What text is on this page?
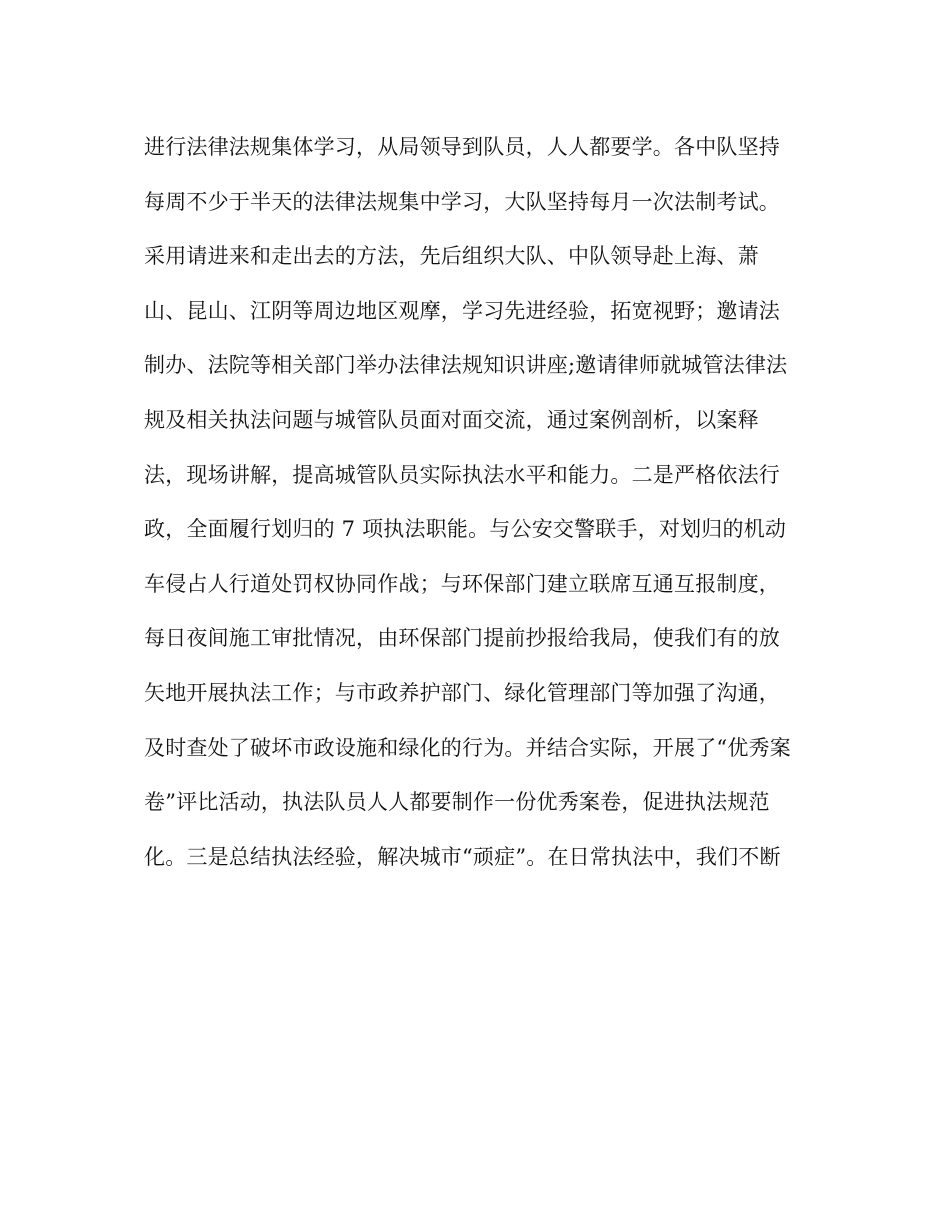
进行法律法规集体学习，从局领导到队员，人人都要学。各中队坚持
每周不少于半天的法律法规集中学习，大队坚持每月一次法制考试。
采用请进来和走出去的方法，先后组织大队、中队领导赴上海、萧
山、昆山、江阴等周边地区观摩，学习先进经验，拓宽视野；邀请法
制办、法院等相关部门举办法律法规知识讲座;邀请律师就城管法律法
规及相关执法问题与城管队员面对面交流，通过案例剖析，以案释
法，现场讲解，提高城管队员实际执法水平和能力。二是严格依法行
政，全面履行划归的 7 项执法职能。与公安交警联手，对划归的机动
车侵占人行道处罚权协同作战；与环保部门建立联席互通互报制度，
每日夜间施工审批情况，由环保部门提前抄报给我局，使我们有的放
矢地开展执法工作；与市政养护部门、绿化管理部门等加强了沟通，
及时查处了破坏市政设施和绿化的行为。并结合实际，开展了“优秀案
卷”评比活动，执法队员人人都要制作一份优秀案卷，促进执法规范
化。三是总结执法经验，解决城市“顽症”。在日常执法中，我们不断
